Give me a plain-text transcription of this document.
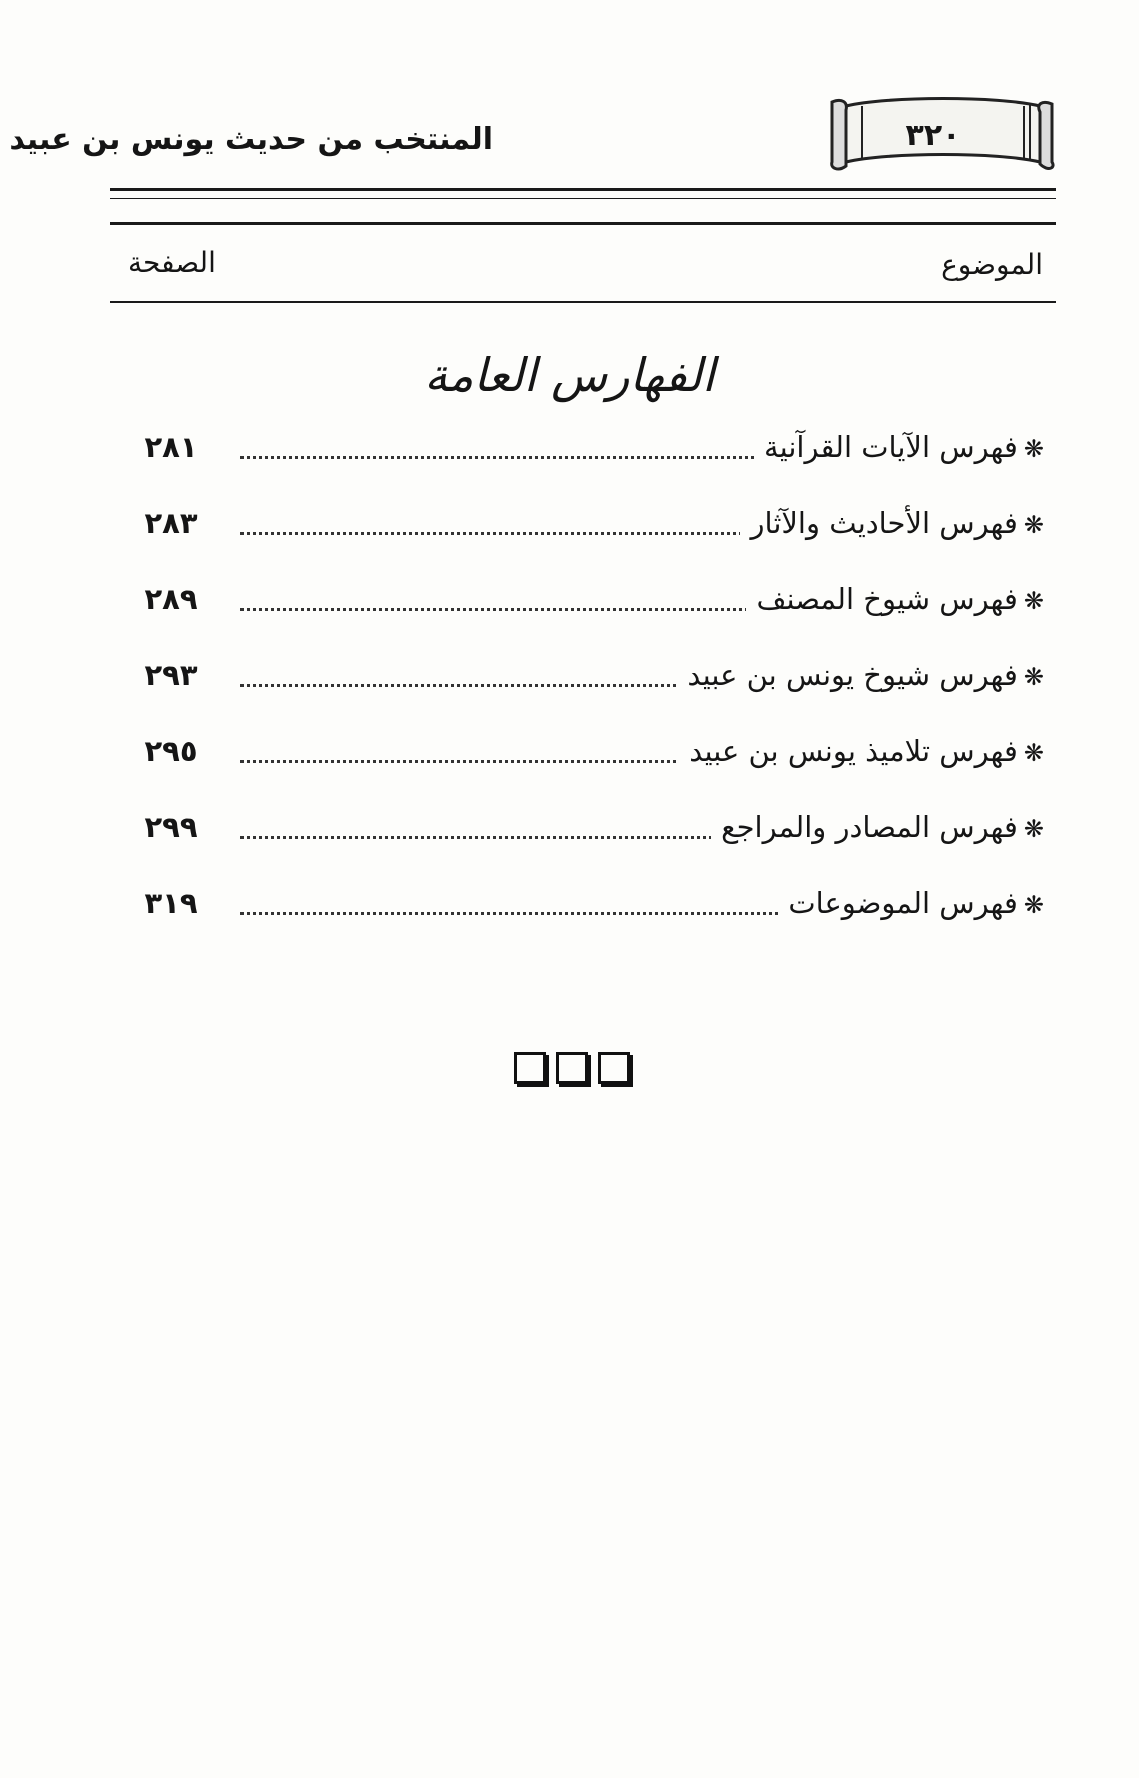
٣٢٠
المنتخب من حديث يونس بن عبيد
الموضوع
الصفحة
الفهارس العامة
❋فهرس الآيات القرآنية
٢٨١
❋فهرس الأحاديث والآثار
٢٨٣
❋فهرس شيوخ المصنف
٢٨٩
❋فهرس شيوخ يونس بن عبيد
٢٩٣
❋فهرس تلاميذ يونس بن عبيد
٢٩٥
❋فهرس المصادر والمراجع
٢٩٩
❋فهرس الموضوعات
٣١٩
